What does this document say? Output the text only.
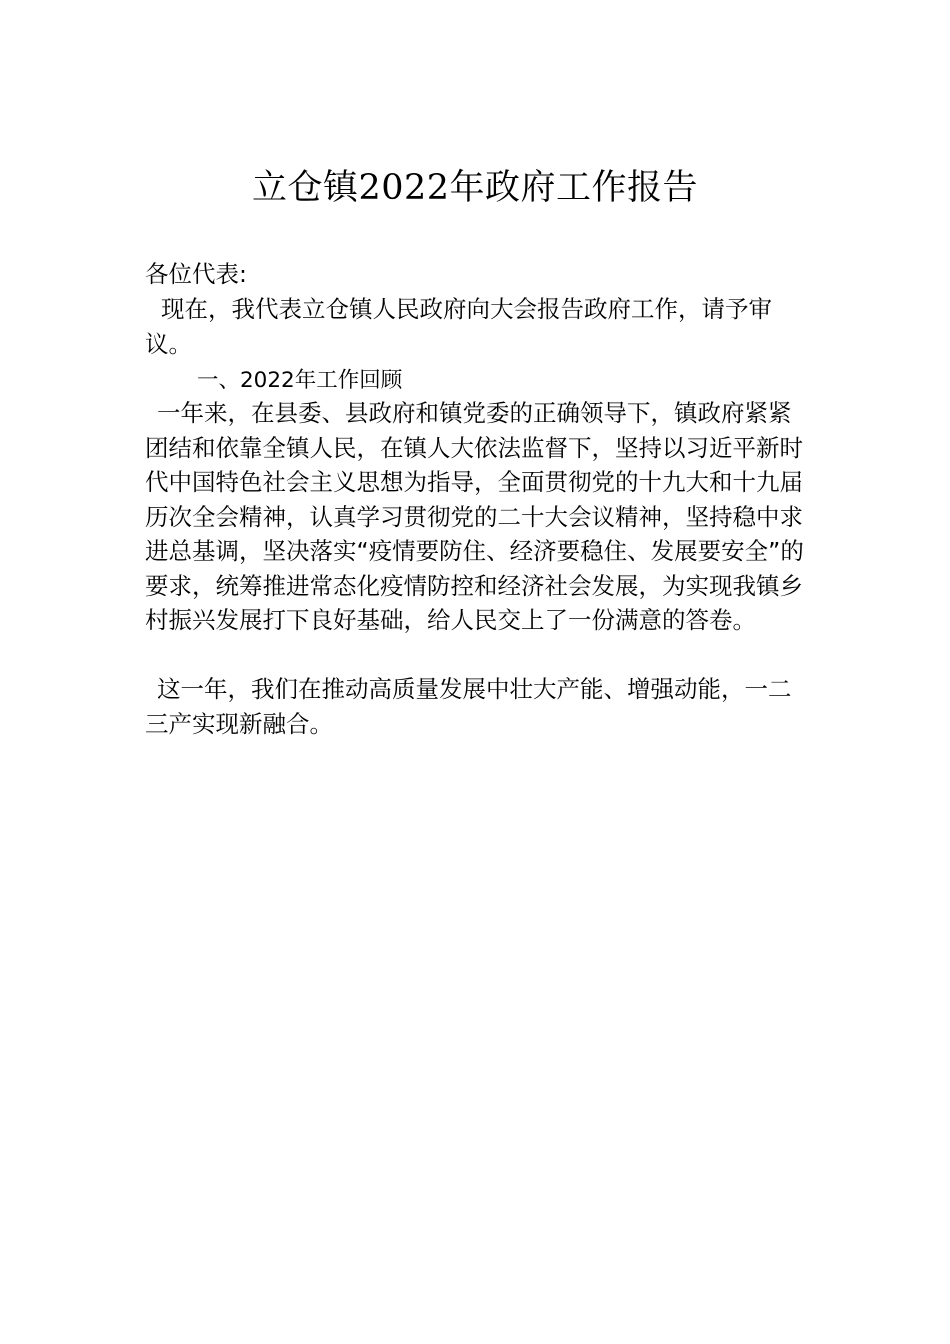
立仓镇2022年政府工作报告

各位代表:

现在，我代表立仓镇人民政府向大会报告政府工作，请予审议。

一、2022年工作回顾

一年来，在县委、县政府和镇党委的正确领导下，镇政府紧紧团结和依靠全镇人民，在镇人大依法监督下，坚持以习近平新时代中国特色社会主义思想为指导，全面贯彻党的十九大和十九届历次全会精神，认真学习贯彻党的二十大会议精神，坚持稳中求进总基调，坚决落实“疫情要防住、经济要稳住、发展要安全”的要求，统筹推进常态化疫情防控和经济社会发展，为实现我镇乡村振兴发展打下良好基础，给人民交上了一份满意的答卷。

这一年，我们在推动高质量发展中壮大产能、增强动能，一二三产实现新融合。
